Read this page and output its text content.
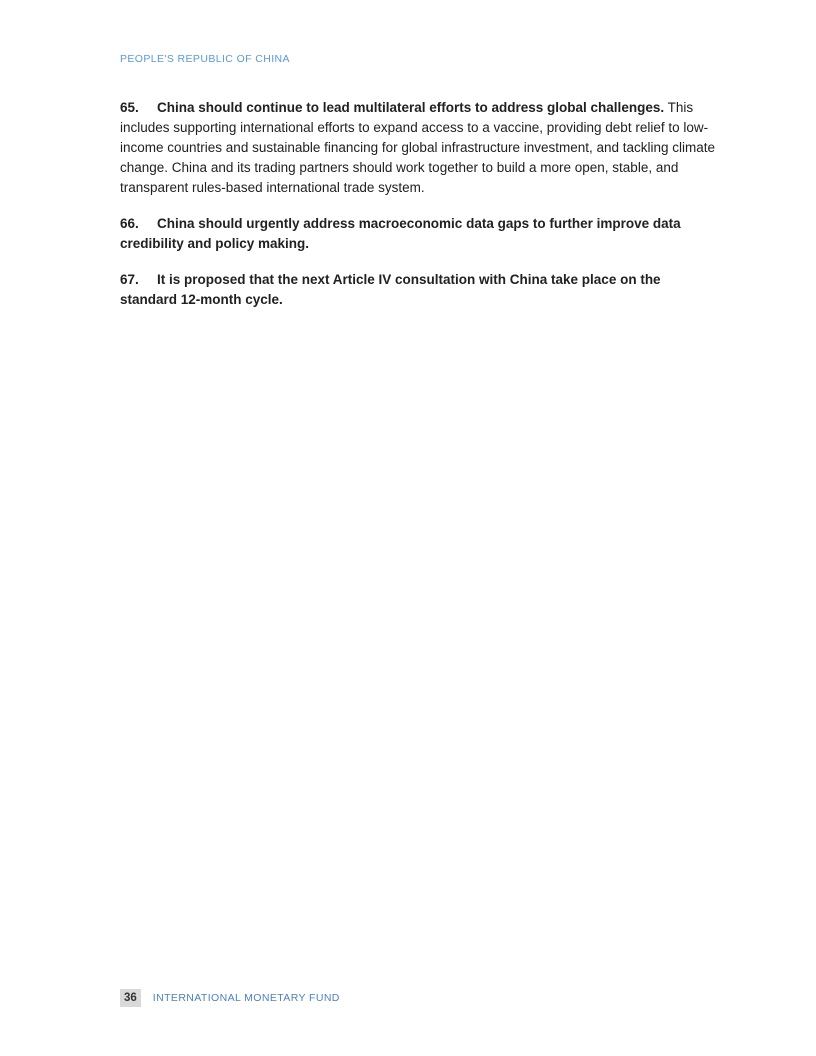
PEOPLE'S REPUBLIC OF CHINA

65. China should continue to lead multilateral efforts to address global challenges. This includes supporting international efforts to expand access to a vaccine, providing debt relief to low-income countries and sustainable financing for global infrastructure investment, and tackling climate change. China and its trading partners should work together to build a more open, stable, and transparent rules-based international trade system.

66. China should urgently address macroeconomic data gaps to further improve data credibility and policy making.

67. It is proposed that the next Article IV consultation with China take place on the standard 12-month cycle.

36	INTERNATIONAL MONETARY FUND
